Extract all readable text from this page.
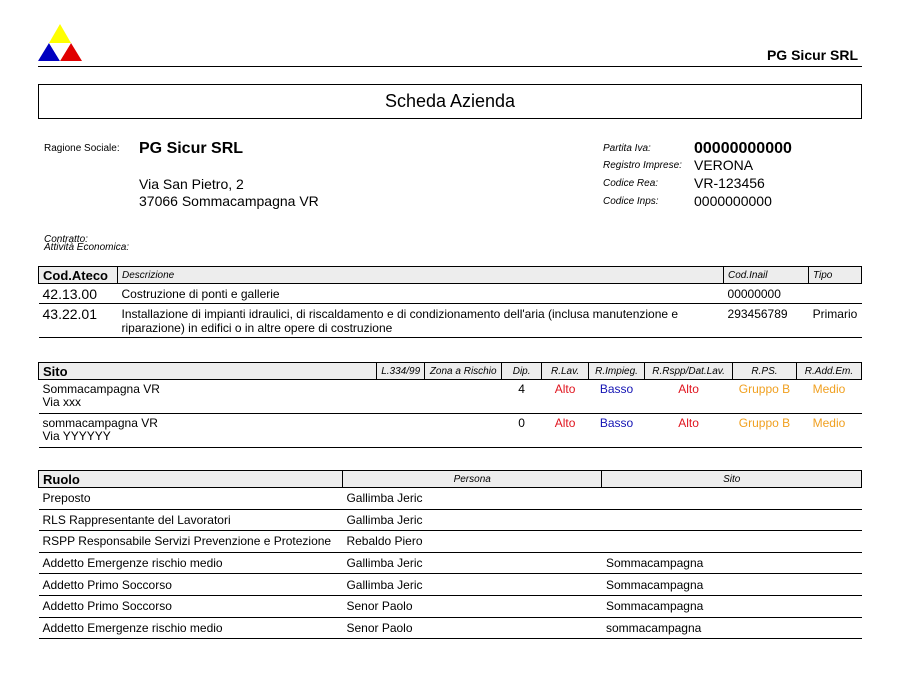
PG Sicur SRL
Scheda Azienda
Ragione Sociale: PG Sicur SRL
Via San Pietro, 2
37066 Sommacampagna VR
Partita Iva:	00000000000
Registro Imprese: VERONA
Codice Rea:	VR-123456
Codice Inps:	0000000000
Contratto:
Attività Economica:
Cod.Ateco	Descrizione	Cod.Inail	Tipo
42.13.00	Costruzione di ponti e gallerie	00000000	
43.22.01	Installazione di impianti idraulici, di riscaldamento e di condizionamento dell'aria (inclusa manutenzione e riparazione) in edifici o in altre opere di costruzione	293456789	Primario
Sito	L.334/99	Zona a Rischio	Dip.	R.Lav.	R.Impieg.	R.Rspp/Dat.Lav.	R.PS.	R.Add.Em.

Sommacampagna VR
Via xxx			4	Alto	Basso	Alto	Gruppo B	Medio

sommacampagna VR
Via YYYYYY			0	Alto	Basso	Alto	Gruppo B	Medio
Ruolo	Persona	Sito
Preposto	Gallimba Jeric	
RLS Rappresentante del Lavoratori	Gallimba Jeric	
RSPP Responsabile Servizi Prevenzione e Protezione	Rebaldo Piero	
Addetto Emergenze rischio medio	Gallimba Jeric	Sommacampagna
Addetto Primo Soccorso	Gallimba Jeric	Sommacampagna
Addetto Primo Soccorso	Senor Paolo	Sommacampagna
Addetto Emergenze rischio medio	Senor Paolo	sommacampagna
